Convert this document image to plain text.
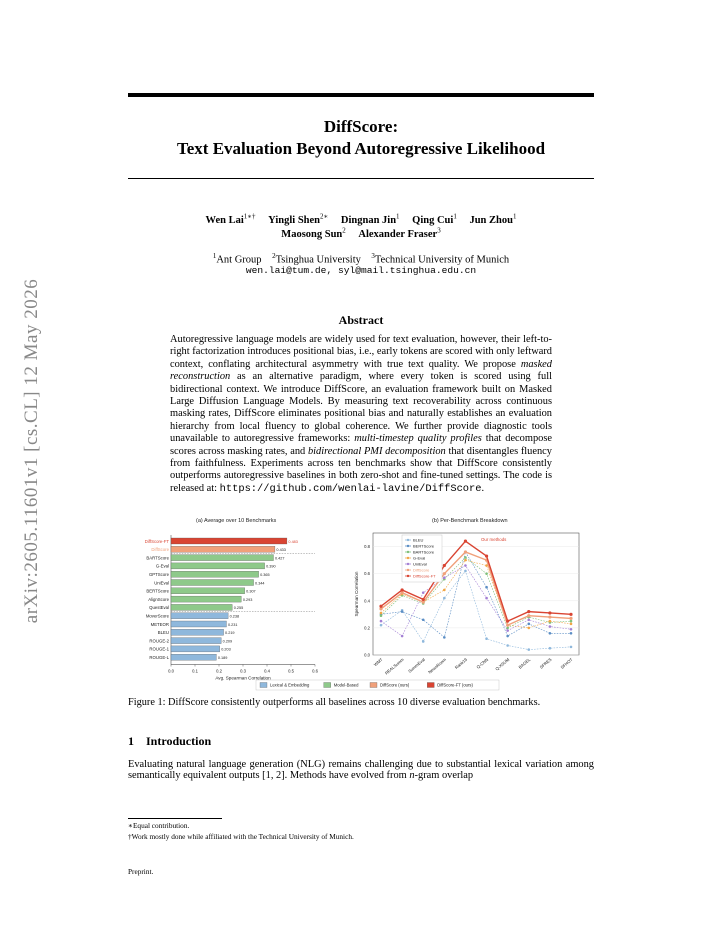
arXiv:2605.11601v1 [cs.CL] 12 May 2026
DiffScore:
Text Evaluation Beyond Autoregressive Likelihood
Wen Lai$^{1∗\dagger}$ Yingli Shen$^{2∗}$ Dingnan Jin$^1$ Qing Cui$^1$ Jun Zhou$^1$
Maosong Sun$^2$ Alexander Fraser$^3$
$^1$Ant Group $^2$Tsinghua University $^3$Technical University of Munich
wen.lai@tum.de, syl@mail.tsinghua.edu.cn
Abstract
Autoregressive language models are widely used for text evaluation, however, their left-to-right factorization introduces positional bias, i.e., early tokens are scored with only leftward context, conflating architectural asymmetry with true text quality. We propose masked reconstruction as an alternative paradigm, where every token is scored using full bidirectional context. We introduce DiffScore, an evaluation framework built on Masked Large Diffusion Language Models. By measuring text recoverability across continuous masking rates, DiffScore eliminates positional bias and naturally establishes an evaluation hierarchy from local fluency to global coherence. We further provide diagnostic tools unavailable to autoregressive frameworks: multi-timestep quality profiles that decompose scores across masking rates, and bidirectional PMI decomposition that disentangles fluency from faithfulness. Experiments across ten benchmarks show that DiffScore consistently outperforms autoregressive baselines in both zero-shot and fine-tuned settings. The code is released at: https://github.com/wenlai-lavine/DiffScore.
(a) Average over 10 Benchmarks	(b) Per-Benchmark Breakdown
DiffScore-FT	0.483
DiffScore	0.433
BARTScore	0.427
G-Eval	0.390
GPTScore	0.365
UniEval	0.344
BERTScore	0.307
AlignScore	0.293
QuestEval	0.255
MoverScore	0.238
METEOR	0.231
BLEU	0.219
ROUGE-2	0.209
ROUGE-1	0.203
ROUGE-L	0.189
0.0	0.1	0.2	0.3	0.4	0.5	0.6
Avg. Spearman Correlation
0.0
0.2
0.4
0.6
0.8
Spearman Correlation
WMT REALSumm SummEval NewsRoom Rank19 Q-CNN Q-XSUM BAGEL SFRES SFHOT
BLEU
BERTScore
BARTScore
G-Eval
UniEval
DiffScore
DiffScore-FT
Our methods
Lexical & Embedding	Model-Based	DiffScore (ours)	DiffScore-FT (ours)
Figure 1: DiffScore consistently outperforms all baselines across 10 diverse evaluation benchmarks.
1 Introduction
Evaluating natural language generation (NLG) remains challenging due to substantial lexical variation among semantically equivalent outputs [1, 2]. Methods have evolved from n-gram overlap
∗Equal contribution.
†Work mostly done while affiliated with the Technical University of Munich.
Preprint.
